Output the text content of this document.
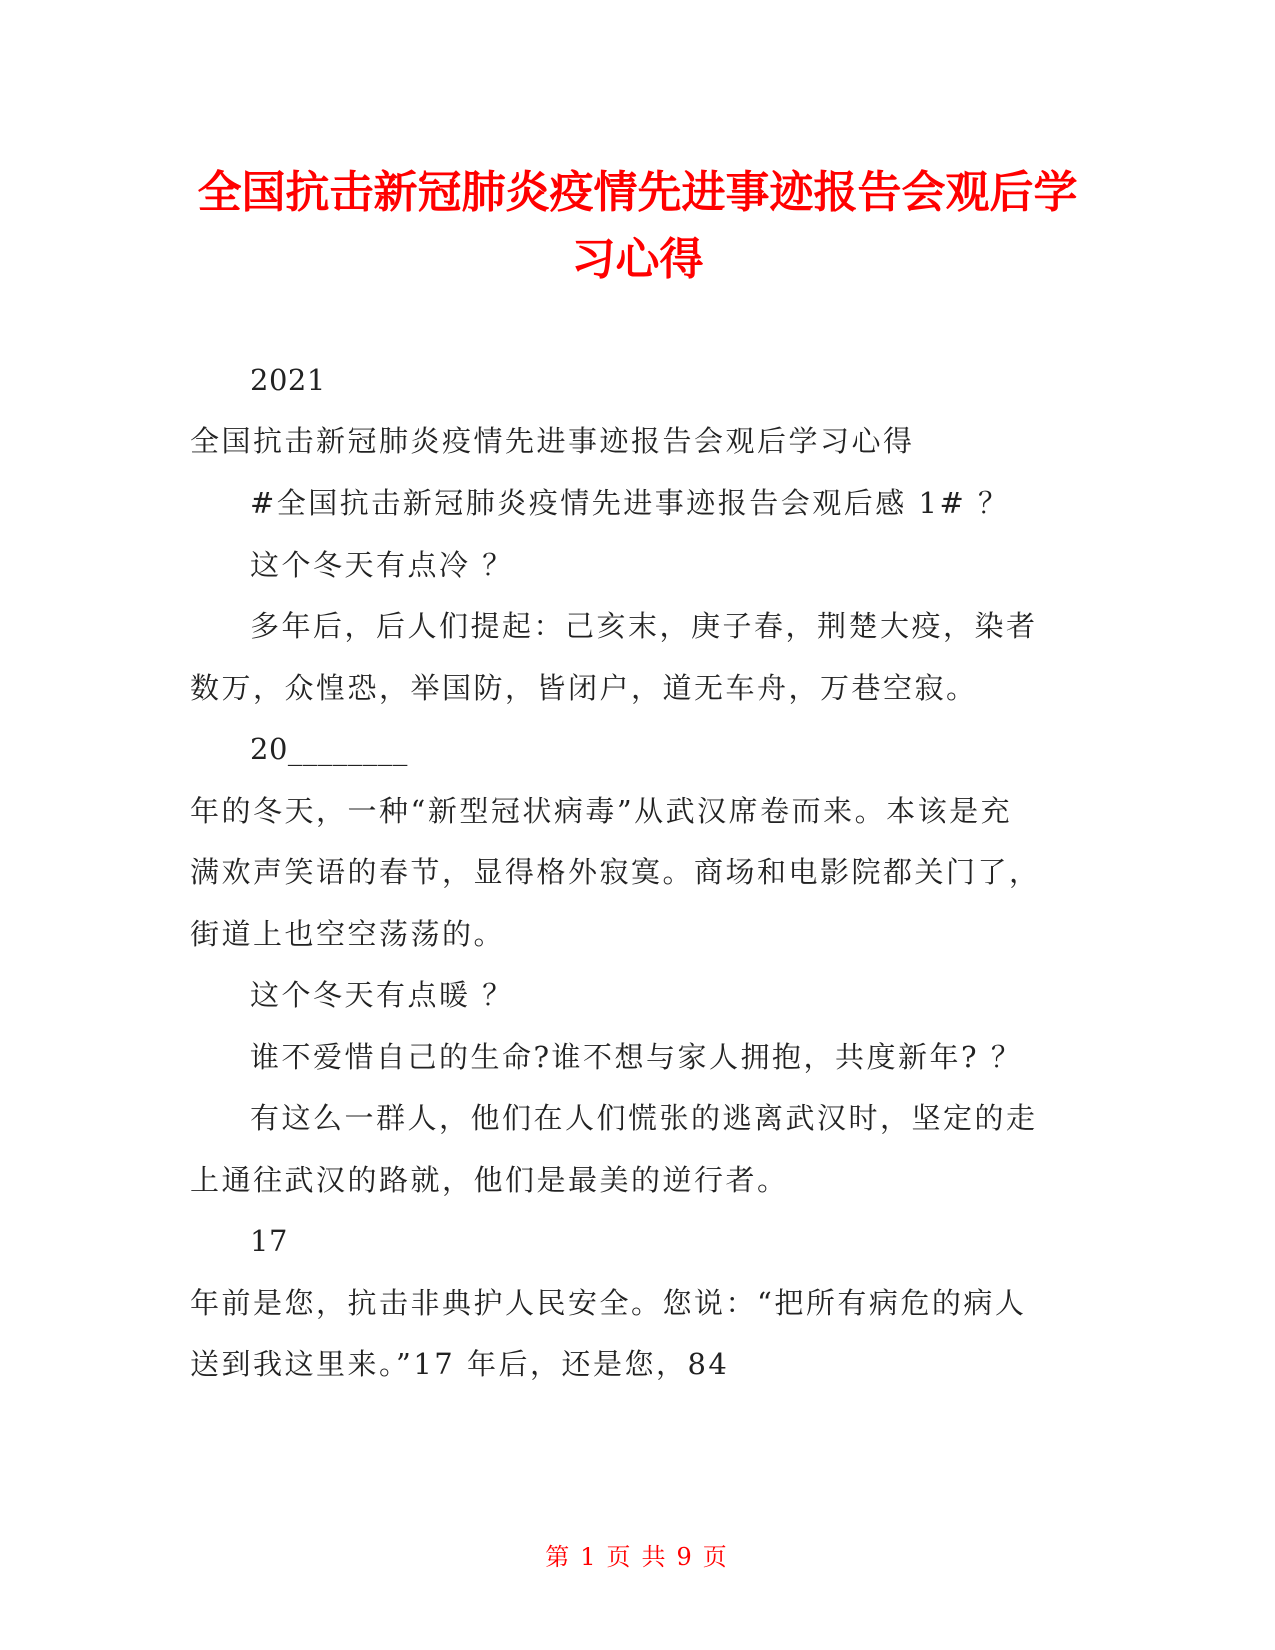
全国抗击新冠肺炎疫情先进事迹报告会观后学
习心得
2021
全国抗击新冠肺炎疫情先进事迹报告会观后学习心得
#全国抗击新冠肺炎疫情先进事迹报告会观后感 1# ？
这个冬天有点冷 ？
多年后，后人们提起：己亥末，庚子春，荆楚大疫，染者
数万，众惶恐，举国防，皆闭户，道无车舟，万巷空寂。
20________
年的冬天，一种“新型冠状病毒”从武汉席卷而来。本该是充
满欢声笑语的春节，显得格外寂寞。商场和电影院都关门了，
街道上也空空荡荡的。
这个冬天有点暖 ？
谁不爱惜自己的生命?谁不想与家人拥抱，共度新年? ？
有这么一群人，他们在人们慌张的逃离武汉时，坚定的走
上通往武汉的路就，他们是最美的逆行者。
17
年前是您，抗击非典护人民安全。您说：“把所有病危的病人
送到我这里来。”17 年后，还是您，84
第 1 页 共 9 页
